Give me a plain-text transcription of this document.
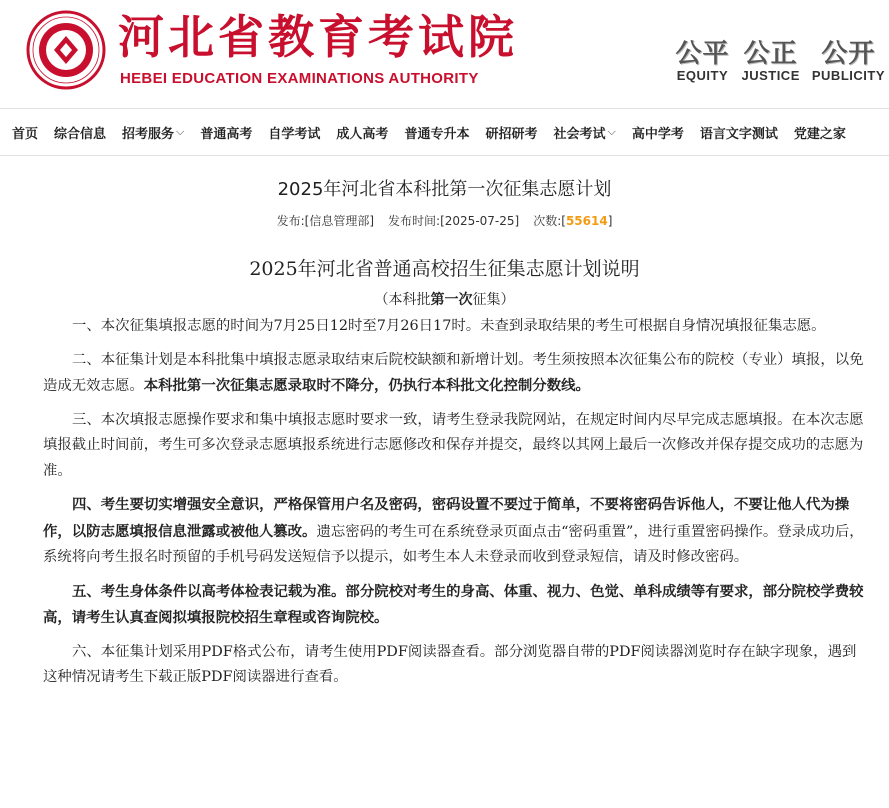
河北省教育考试院
HEBEI EDUCATION EXAMINATIONS AUTHORITY
公平
EQUITY
公正
JUSTICE
公开
PUBLICITY
首页 综合信息 招考服务 ⌵ 普通高考 自学考试 成人高考 普通专升本 研招研考 社会考试 ⌵ 高中学考 语言文字测试 党建之家
2025年河北省本科批第一次征集志愿计划
发布:[信息管理部] 发布时间:[2025-07-25] 次数:[55614]
2025年河北省普通高校招生征集志愿计划说明
（本科批第一次征集）

一、本次征集填报志愿的时间为7月25日12时至7月26日17时。未查到录取结果的考生可根据自身情况填报征集志愿。

二、本征集计划是本科批集中填报志愿录取结束后院校缺额和新增计划。考生须按照本次征集公布的院校（专业）填报，以免造成无效志愿。本科批第一次征集志愿录取时不降分，仍执行本科批文化控制分数线。

三、本次填报志愿操作要求和集中填报志愿时要求一致，请考生登录我院网站，在规定时间内尽早完成志愿填报。在本次志愿填报截止时间前，考生可多次登录志愿填报系统进行志愿修改和保存并提交，最终以其网上最后一次修改并保存提交成功的志愿为准。

四、考生要切实增强安全意识，严格保管用户名及密码，密码设置不要过于简单，不要将密码告诉他人，不要让他人代为操作，以防志愿填报信息泄露或被他人篡改。遗忘密码的考生可在系统登录页面点击“密码重置”，进行重置密码操作。登录成功后，系统将向考生报名时预留的手机号码发送短信予以提示，如考生本人未登录而收到登录短信，请及时修改密码。

五、考生身体条件以高考体检表记载为准。部分院校对考生的身高、体重、视力、色觉、单科成绩等有要求，部分院校学费较高，请考生认真查阅拟填报院校招生章程或咨询院校。

六、本征集计划采用PDF格式公布，请考生使用PDF阅读器查看。部分浏览器自带的PDF阅读器浏览时存在缺字现象，遇到这种情况请考生下载正版PDF阅读器进行查看。
